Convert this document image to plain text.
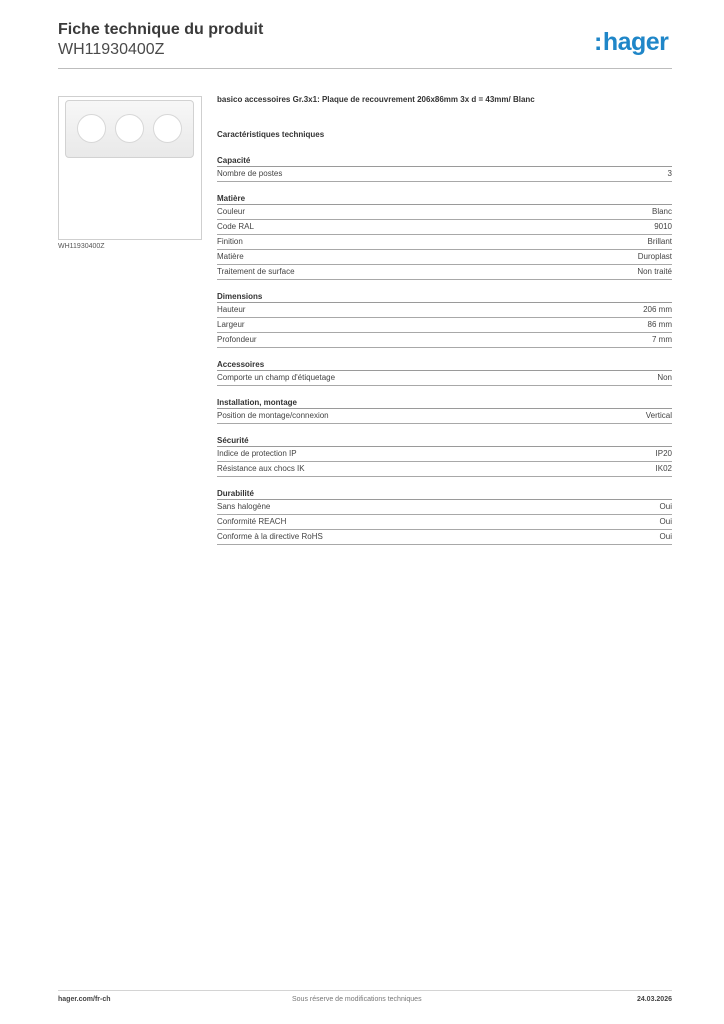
Fiche technique du produit
WH11930400Z	:hager
WH11930400Z
basico accessoires Gr.3x1: Plaque de recouvrement 206x86mm 3x d = 43mm/ Blanc
Caractéristiques techniques
Capacité
Nombre de postes	3
Matière
Couleur	Blanc
Code RAL	9010
Finition	Brillant
Matière	Duroplast
Traitement de surface	Non traité
Dimensions
Hauteur	206 mm
Largeur	86 mm
Profondeur	7 mm
Accessoires
Comporte un champ d'étiquetage	Non
Installation, montage
Position de montage/connexion	Vertical
Sécurité
Indice de protection IP	IP20
Résistance aux chocs IK	IK02
Durabilité
Sans halogène	Oui
Conformité REACH	Oui
Conforme à la directive RoHS	Oui
hager.com/fr-ch	Sous réserve de modifications techniques	24.03.2026
